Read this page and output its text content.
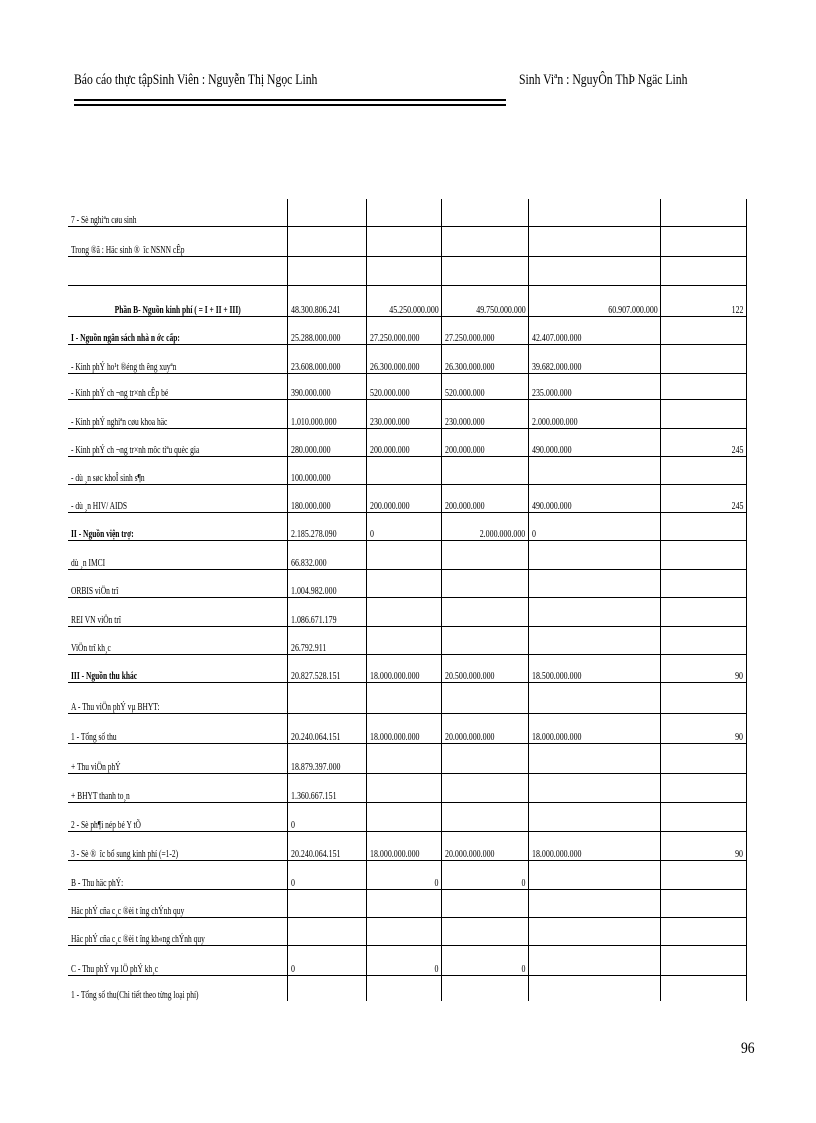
Báo cáo thực tậpSinh Viên : Nguyễn Thị Ngọc Linh	Sinh Viªn : NguyÔn ThÞ Ngäc Linh
7 - Sè nghiªn cøu sinh	

Trong ®ã : Häc sinh ® îc NSNN cÊp	

Phần B- Nguồn kinh phí ( = I + II + III)	48.300.806.241	45.250.000.000	49.750.000.000	60.907.000.000	122

I - Nguồn ngân sách nhà n ớc cấp:	25.288.000.000	27.250.000.000	27.250.000.000	42.407.000.000	

- Kinh phÝ ho¹t ®éng th êng xuyªn	23.608.000.000	26.300.000.000	26.300.000.000	39.682.000.000	

- Kinh phÝ ch ¬ng tr×nh cÊp bé	390.000.000	520.000.000	520.000.000	235.000.000	

- Kinh phÝ nghiªn cøu khoa häc	1.010.000.000	230.000.000	230.000.000	2.000.000.000	

- Kinh phÝ ch ¬ng tr×nh môc tiªu quèc gia	280.000.000	200.000.000	200.000.000	490.000.000	245

- dù ¸n søc khoÎ sinh s¶n	100.000.000				

- dù ¸n HIV/ AIDS	180.000.000	200.000.000	200.000.000	490.000.000	245

II - Nguồn viện trợ:	2.185.278.090	0	2.000.000.000	0	

dù ¸n IMCI	66.832.000				

ORBIS viÖn trî	1.004.982.000				

REI VN viÖn trî	1.086.671.179				

ViÖn trî kh¸c	26.792.911				

III - Nguồn thu khác	20.827.528.151	18.000.000.000	20.500.000.000	18.500.000.000	90

A - Thu viÖn phÝ vµ BHYT:	

1 - Tổng số thu	20.240.064.151	18.000.000.000	20.000.000.000	18.000.000.000	90

+ Thu viÖn phÝ	18.879.397.000				

+ BHYT thanh to¸n	1.360.667.151				

2 - Sè ph¶i nép bé Y tÕ	0				

3 - Sè ® îc bổ sung kinh phí (=1-2)	20.240.064.151	18.000.000.000	20.000.000.000	18.000.000.000	90

B - Thu häc phÝ:	0	0	0		

Häc phÝ cña c¸c ®èi t îng chÝnh quy	

Häc phÝ cña c¸c ®èi t îng kh«ng chÝnh quy	

C - Thu phÝ vµ lÖ phÝ kh¸c	0	0	0		

1 - Tổng số thu(Chi tiết theo từng loại phí)	

96
